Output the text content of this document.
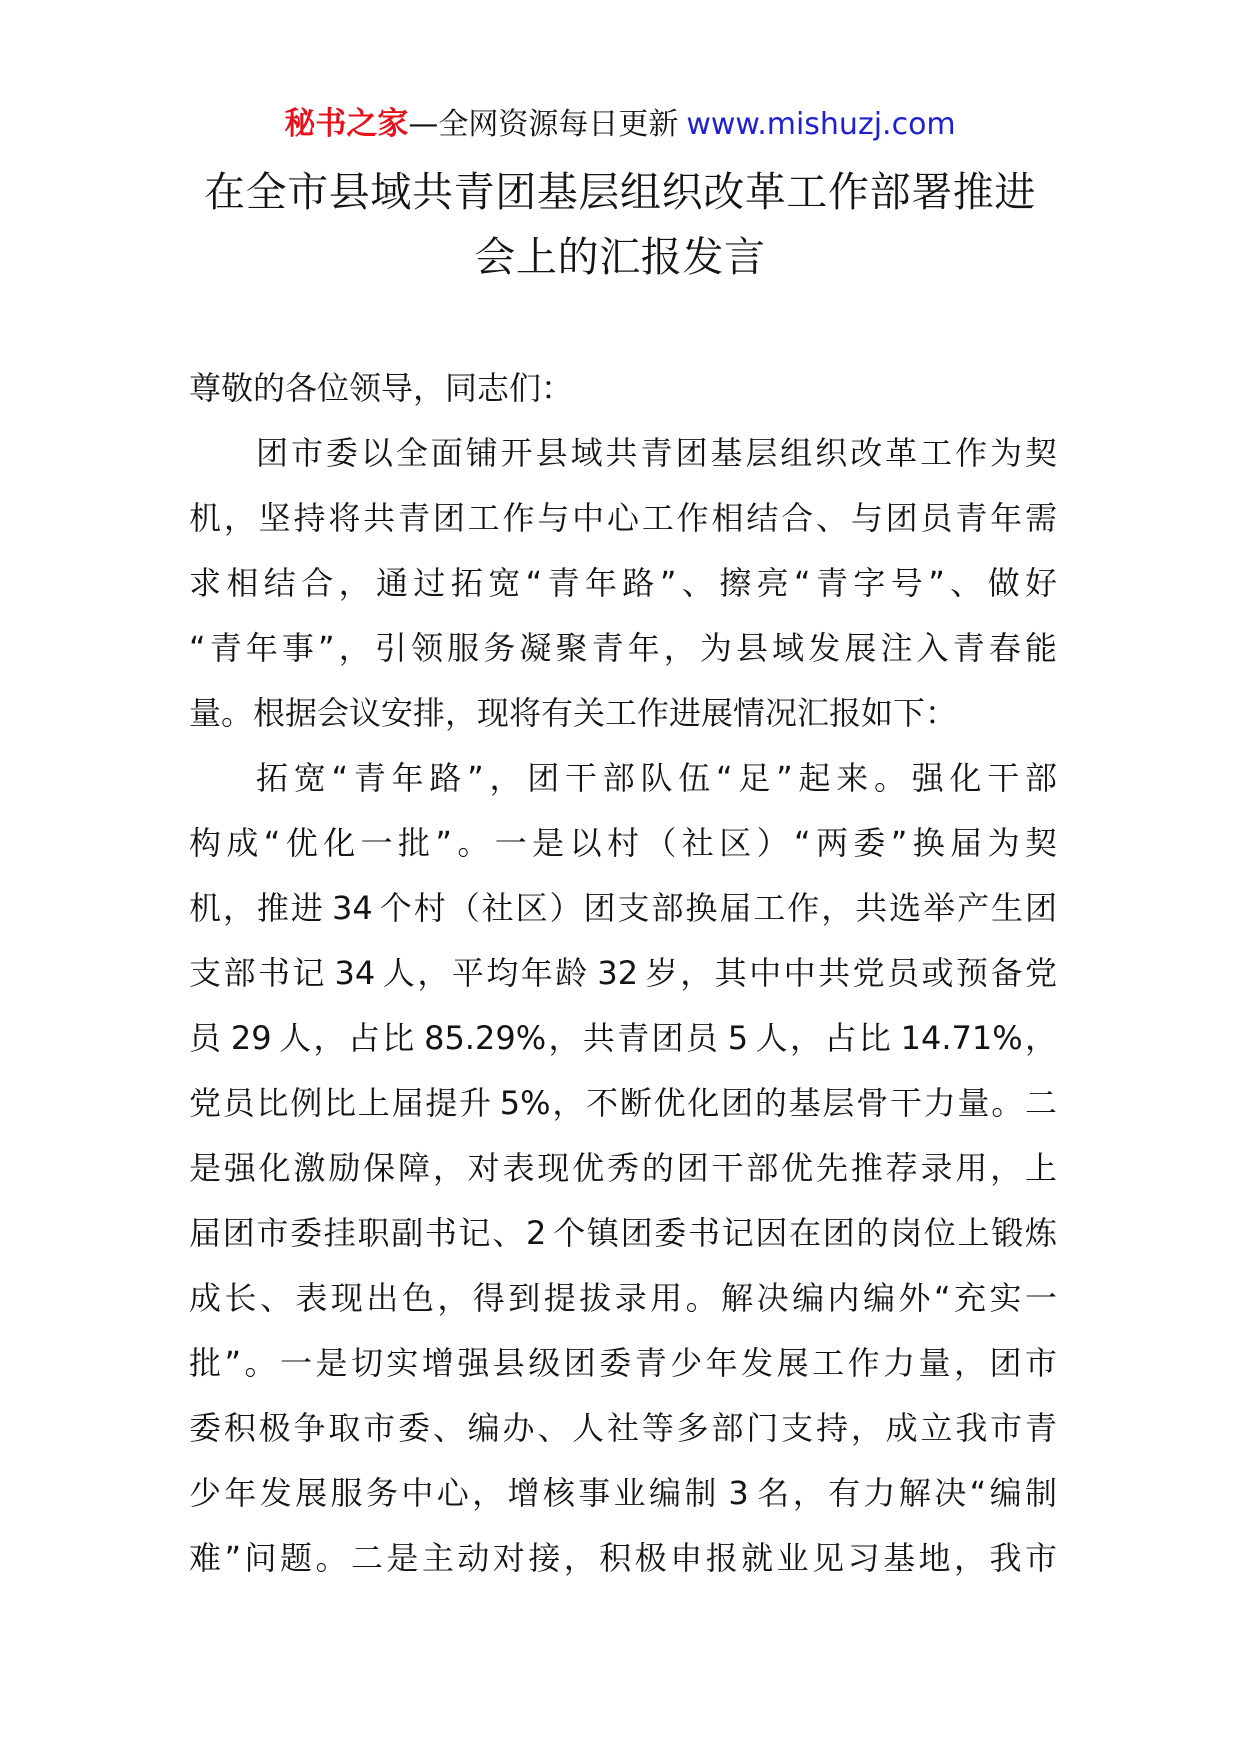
秘书之家—全网资源每日更新 www.mishuzj.com
在全市县域共青团基层组织改革工作部署推进
会上的汇报发言
尊敬的各位领导，同志们：
团市委以全面铺开县域共青团基层组织改革工作为契
机，坚持将共青团工作与中心工作相结合、与团员青年需
求相结合，通过拓宽“青年路”、擦亮“青字号”、做好
“青年事”，引领服务凝聚青年，为县域发展注入青春能
量。根据会议安排，现将有关工作进展情况汇报如下：
拓宽“青年路”，团干部队伍“足”起来。强化干部
构成“优化一批”。一是以村（社区）“两委”换届为契
机，推进 34 个村（社区）团支部换届工作，共选举产生团
支部书记 34 人，平均年龄 32 岁，其中中共党员或预备党
员 29 人，占比 85.29%，共青团员 5 人，占比 14.71%，
党员比例比上届提升 5%，不断优化团的基层骨干力量。二
是强化激励保障，对表现优秀的团干部优先推荐录用，上
届团市委挂职副书记、2 个镇团委书记因在团的岗位上锻炼
成长、表现出色，得到提拔录用。解决编内编外“充实一
批”。一是切实增强县级团委青少年发展工作力量，团市
委积极争取市委、编办、人社等多部门支持，成立我市青
少年发展服务中心，增核事业编制 3 名，有力解决“编制
难”问题。二是主动对接，积极申报就业见习基地，我市
